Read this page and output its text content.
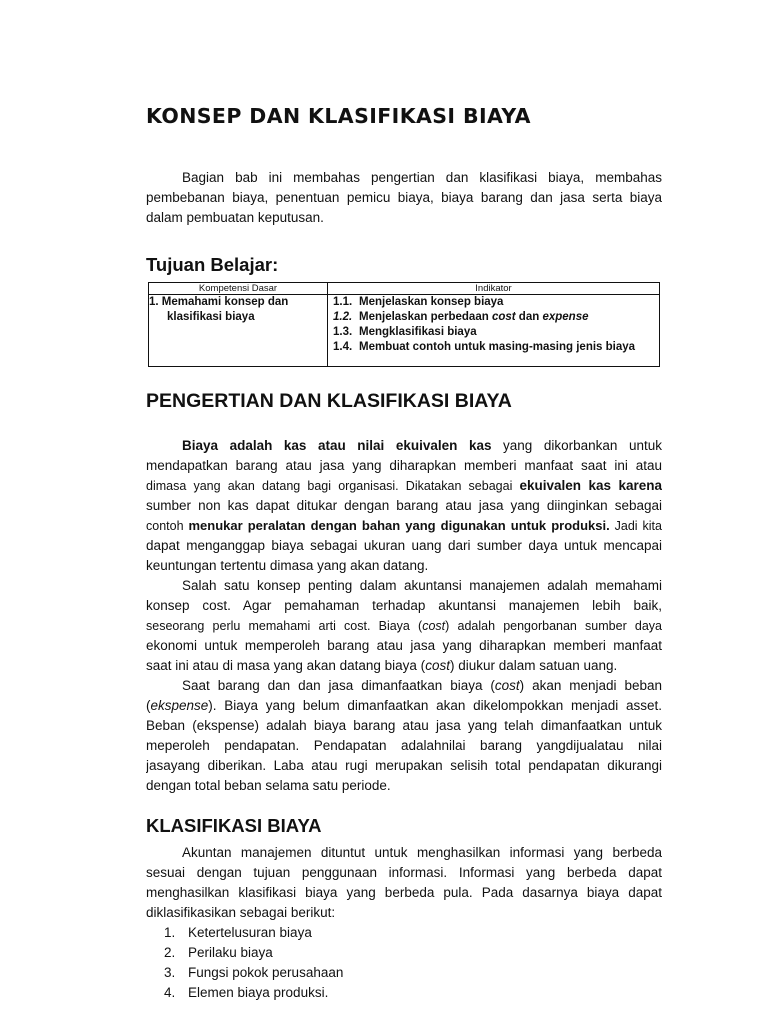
KONSEP DAN KLASIFIKASI BIAYA
Bagian bab ini membahas pengertian dan klasifikasi biaya, membahas
pembebanan biaya, penentuan pemicu biaya, biaya barang dan jasa serta biaya
dalam pembuatan keputusan.
Tujuan Belajar:
Kompetensi Dasar	Indikator
1. Memahami konsep dan
klasifikasi biaya
1.1. Menjelaskan konsep biaya
1.2. Menjelaskan perbedaan cost dan expense
1.3. Mengklasifikasi biaya
1.4. Membuat contoh untuk masing-masing jenis biaya
PENGERTIAN DAN KLASIFIKASI BIAYA
Biaya adalah kas atau nilai ekuivalen kas yang dikorbankan untuk
mendapatkan barang atau jasa yang diharapkan memberi manfaat saat ini atau
dimasa yang akan datang bagi organisasi. Dikatakan sebagai ekuivalen kas karena
sumber non kas dapat ditukar dengan barang atau jasa yang diinginkan sebagai
contoh menukar peralatan dengan bahan yang digunakan untuk produksi. Jadi kita
dapat menganggap biaya sebagai ukuran uang dari sumber daya untuk mencapai
keuntungan tertentu dimasa yang akan datang.
Salah satu konsep penting dalam akuntansi manajemen adalah memahami
konsep cost. Agar pemahaman terhadap akuntansi manajemen lebih baik,
seseorang perlu memahami arti cost. Biaya (cost) adalah pengorbanan sumber daya
ekonomi untuk memperoleh barang atau jasa yang diharapkan memberi manfaat
saat ini atau di masa yang akan datang biaya (cost) diukur dalam satuan uang.
Saat barang dan dan jasa dimanfaatkan biaya (cost) akan menjadi beban
(ekspense). Biaya yang belum dimanfaatkan akan dikelompokkan menjadi asset.
Beban (ekspense) adalah biaya barang atau jasa yang telah dimanfaatkan untuk
meperoleh pendapatan. Pendapatan adalahnilai barang yangdijualatau nilai
jasayang diberikan. Laba atau rugi merupakan selisih total pendapatan dikurangi
dengan total beban selama satu periode.
KLASIFIKASI BIAYA
Akuntan manajemen dituntut untuk menghasilkan informasi yang berbeda
sesuai dengan tujuan penggunaan informasi. Informasi yang berbeda dapat
menghasilkan klasifikasi biaya yang berbeda pula. Pada dasarnya biaya dapat
diklasifikasikan sebagai berikut:
1. Ketertelusuran biaya
2. Perilaku biaya
3. Fungsi pokok perusahaan
4. Elemen biaya produksi.
